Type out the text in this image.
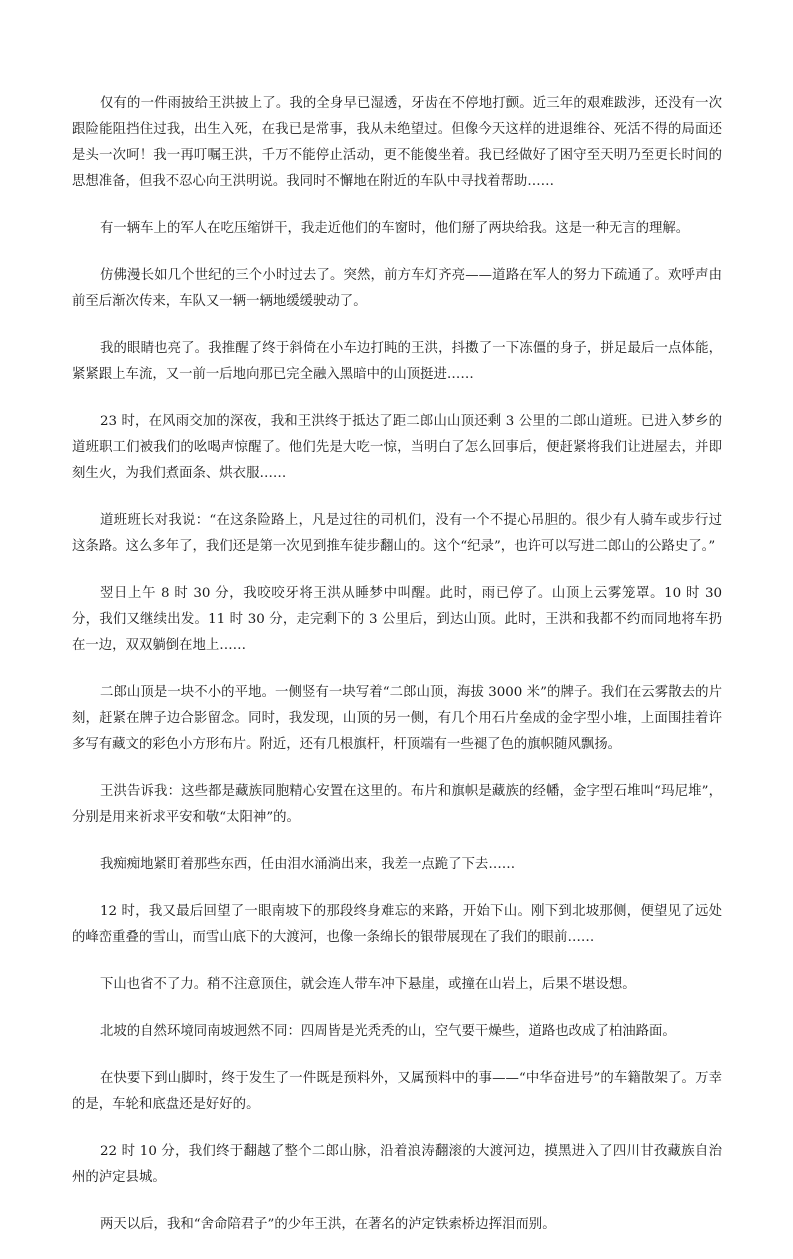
仅有的一件雨披给王洪披上了。我的全身早已湿透，牙齿在不停地打颤。近三年的艰难跋涉，还没有一次跟险能阻挡住过我，出生入死，在我已是常事，我从未绝望过。但像今天这样的进退维谷、死活不得的局面还是头一次呵！我一再叮嘱王洪，千万不能停止活动，更不能傻坐着。我已经做好了困守至天明乃至更长时间的思想准备，但我不忍心向王洪明说。我同时不懈地在附近的车队中寻找着帮助……

有一辆车上的军人在吃压缩饼干，我走近他们的车窗时，他们掰了两块给我。这是一种无言的理解。

仿佛漫长如几个世纪的三个小时过去了。突然，前方车灯齐亮——道路在军人的努力下疏通了。欢呼声由前至后渐次传来，车队又一辆一辆地缓缓驶动了。

我的眼睛也亮了。我推醒了终于斜倚在小车边打盹的王洪，抖擞了一下冻僵的身子，拼足最后一点体能，紧紧跟上车流，又一前一后地向那已完全融入黑暗中的山顶挺进……

23 时，在风雨交加的深夜，我和王洪终于抵达了距二郎山山顶还剩 3 公里的二郎山道班。已进入梦乡的道班职工们被我们的吆喝声惊醒了。他们先是大吃一惊，当明白了怎么回事后，便赶紧将我们让进屋去，并即刻生火，为我们煮面条、烘衣服……

道班班长对我说：“在这条险路上，凡是过往的司机们，没有一个不提心吊胆的。很少有人骑车或步行过这条路。这么多年了，我们还是第一次见到推车徒步翻山的。这个“纪录”，也许可以写进二郎山的公路史了。”

翌日上午 8 时 30 分，我咬咬牙将王洪从睡梦中叫醒。此时，雨已停了。山顶上云雾笼罩。10 时 30 分，我们又继续出发。11 时 30 分，走完剩下的 3 公里后，到达山顶。此时，王洪和我都不约而同地将车扔在一边，双双躺倒在地上……

二郎山顶是一块不小的平地。一侧竖有一块写着“二郎山顶，海拔 3000 米”的牌子。我们在云雾散去的片刻，赶紧在牌子边合影留念。同时，我发现，山顶的另一侧，有几个用石片垒成的金字型小堆，上面围挂着许多写有藏文的彩色小方形布片。附近，还有几根旗杆，杆顶端有一些褪了色的旗帜随风飘扬。

王洪告诉我：这些都是藏族同胞精心安置在这里的。布片和旗帜是藏族的经幡，金字型石堆叫“玛尼堆”，分别是用来祈求平安和敬“太阳神”的。

我痴痴地紧盯着那些东西，任由泪水涌淌出来，我差一点跪了下去……

12 时，我又最后回望了一眼南坡下的那段终身难忘的来路，开始下山。刚下到北坡那侧，便望见了远处的峰峦重叠的雪山，而雪山底下的大渡河，也像一条绵长的银带展现在了我们的眼前……

下山也省不了力。稍不注意顶住，就会连人带车冲下悬崖，或撞在山岩上，后果不堪设想。

北坡的自然环境同南坡迥然不同：四周皆是光秃秃的山，空气要干燥些，道路也改成了柏油路面。

在快要下到山脚时，终于发生了一件既是预料外，又属预料中的事——“中华奋进号”的车籍散架了。万幸的是，车轮和底盘还是好好的。

22 时 10 分，我们终于翻越了整个二郎山脉，沿着浪涛翻滚的大渡河边，摸黑进入了四川甘孜藏族自治州的泸定县城。

两天以后，我和“舍命陪君子”的少年王洪，在著名的泸定铁索桥边挥泪而别。
